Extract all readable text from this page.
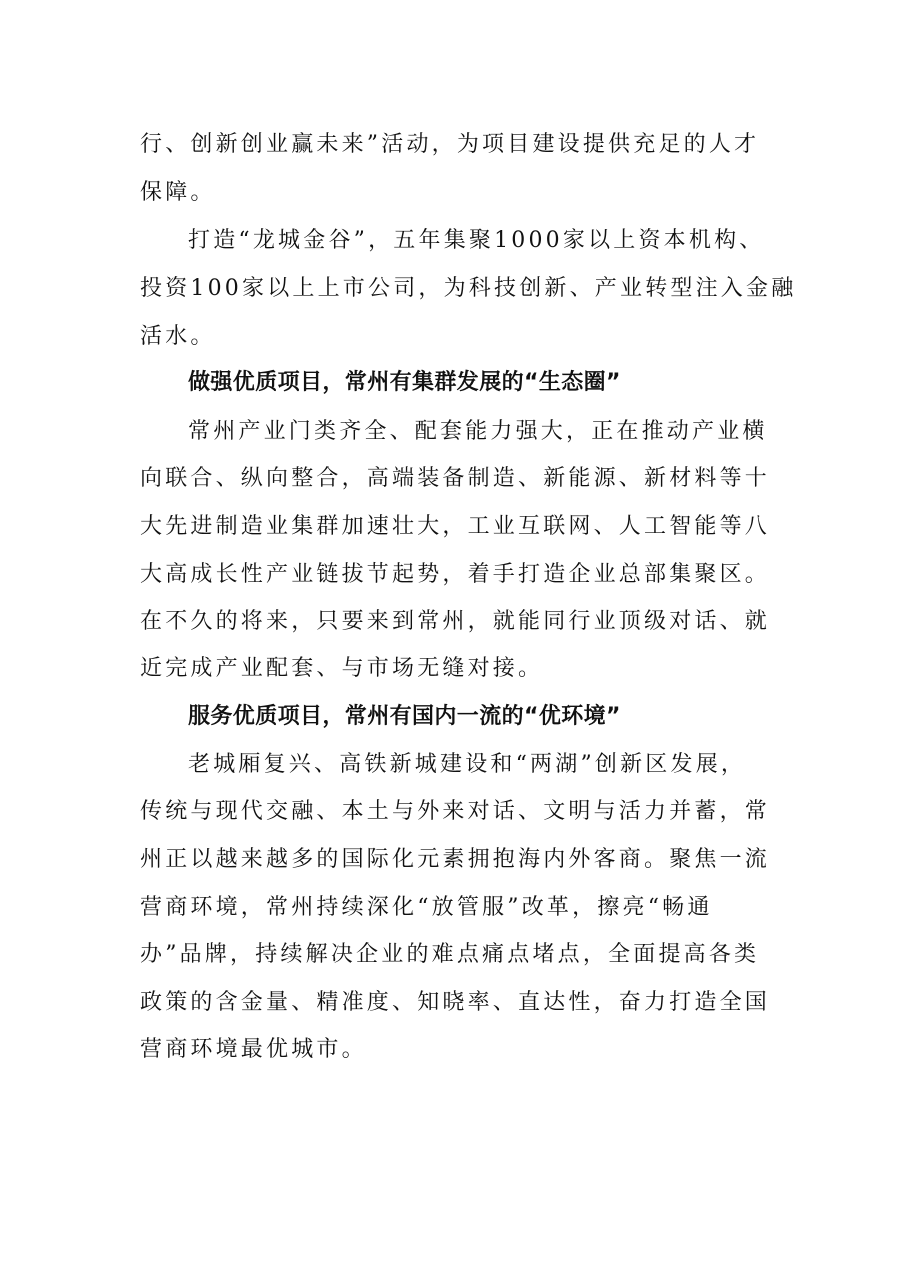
行、创新创业赢未来”活动，为项目建设提供充足的人才
保障。
打造“龙城金谷”，五年集聚1000家以上资本机构、
投资100家以上上市公司，为科技创新、产业转型注入金融
活水。
做强优质项目，常州有集群发展的“生态圈”
常州产业门类齐全、配套能力强大，正在推动产业横
向联合、纵向整合，高端装备制造、新能源、新材料等十
大先进制造业集群加速壮大，工业互联网、人工智能等八
大高成长性产业链拔节起势，着手打造企业总部集聚区。
在不久的将来，只要来到常州，就能同行业顶级对话、就
近完成产业配套、与市场无缝对接。
服务优质项目，常州有国内一流的“优环境”
老城厢复兴、高铁新城建设和“两湖”创新区发展，
传统与现代交融、本土与外来对话、文明与活力并蓄，常
州正以越来越多的国际化元素拥抱海内外客商。聚焦一流
营商环境，常州持续深化“放管服”改革，擦亮“畅通
办”品牌，持续解决企业的难点痛点堵点，全面提高各类
政策的含金量、精准度、知晓率、直达性，奋力打造全国
营商环境最优城市。
